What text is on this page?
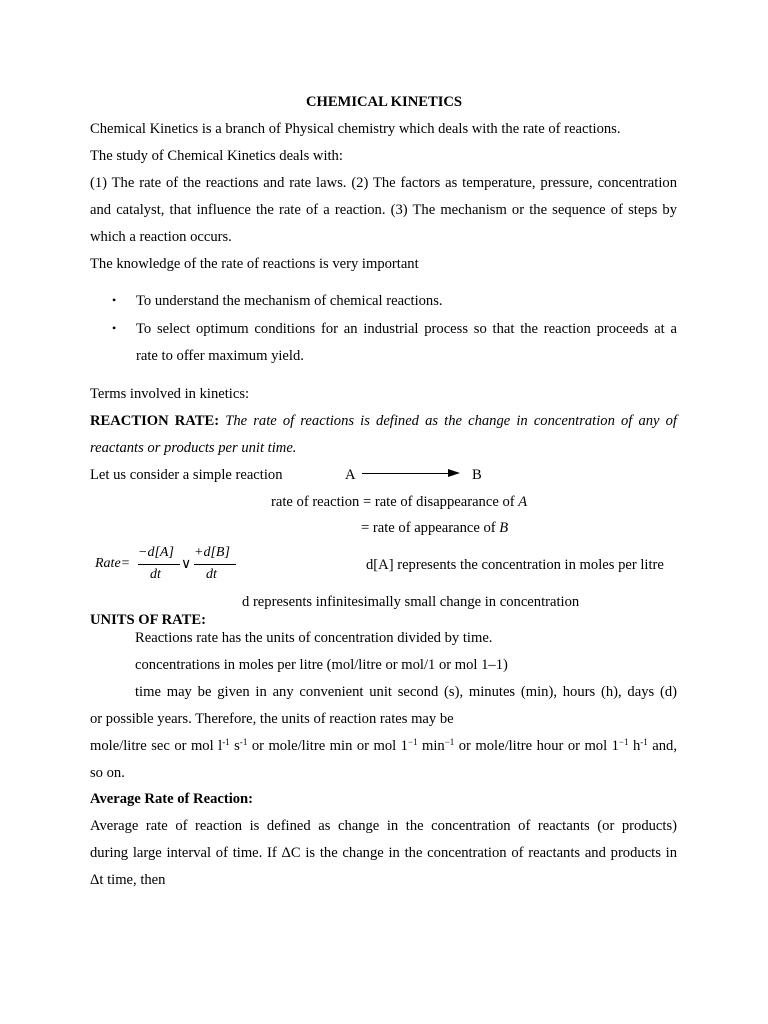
CHEMICAL KINETICS
Chemical Kinetics is a branch of Physical chemistry which deals with the rate of reactions.
The study of Chemical Kinetics deals with:
(1) The rate of the reactions and rate laws. (2) The factors as temperature, pressure, concentration
and catalyst, that influence the rate of a reaction. (3) The mechanism or the sequence of steps by
which a reaction occurs.
The knowledge of the rate of reactions is very important
• To understand the mechanism of chemical reactions.
• To select optimum conditions for an industrial process so that the reaction proceeds at a
rate to offer maximum yield.
Terms involved in kinetics:
REACTION RATE: The rate of reactions is defined as the change in concentration of any of
reactants or products per unit time.
Let us consider a simple reaction	A	B
rate of reaction = rate of disappearance of A
= rate of appearance of B
Rate=
−d[A]
dt
∨
+d[B]
dt
d[A] represents the concentration in moles per litre
d represents infinitesimally small change in concentration
UNITS OF RATE:
Reactions rate has the units of concentration divided by time.
concentrations in moles per litre (mol/litre or mol/1 or mol 1–1)
time may be given in any convenient unit second (s), minutes (min), hours (h), days (d)
or possible years. Therefore, the units of reaction rates may be
mole/litre sec or mol $l^{-1}$ $s^{-1}$ or mole/litre min or mol $1^{-1}$ $\min^{-1}$ or mole/litre hour or mol $1^{-1}$ $h^{-1}$ and,
so on.
Average Rate of Reaction:
Average rate of reaction is defined as change in the concentration of reactants (or products)
during large interval of time. If ΔC is the change in the concentration of reactants and products in
Δt time, then
